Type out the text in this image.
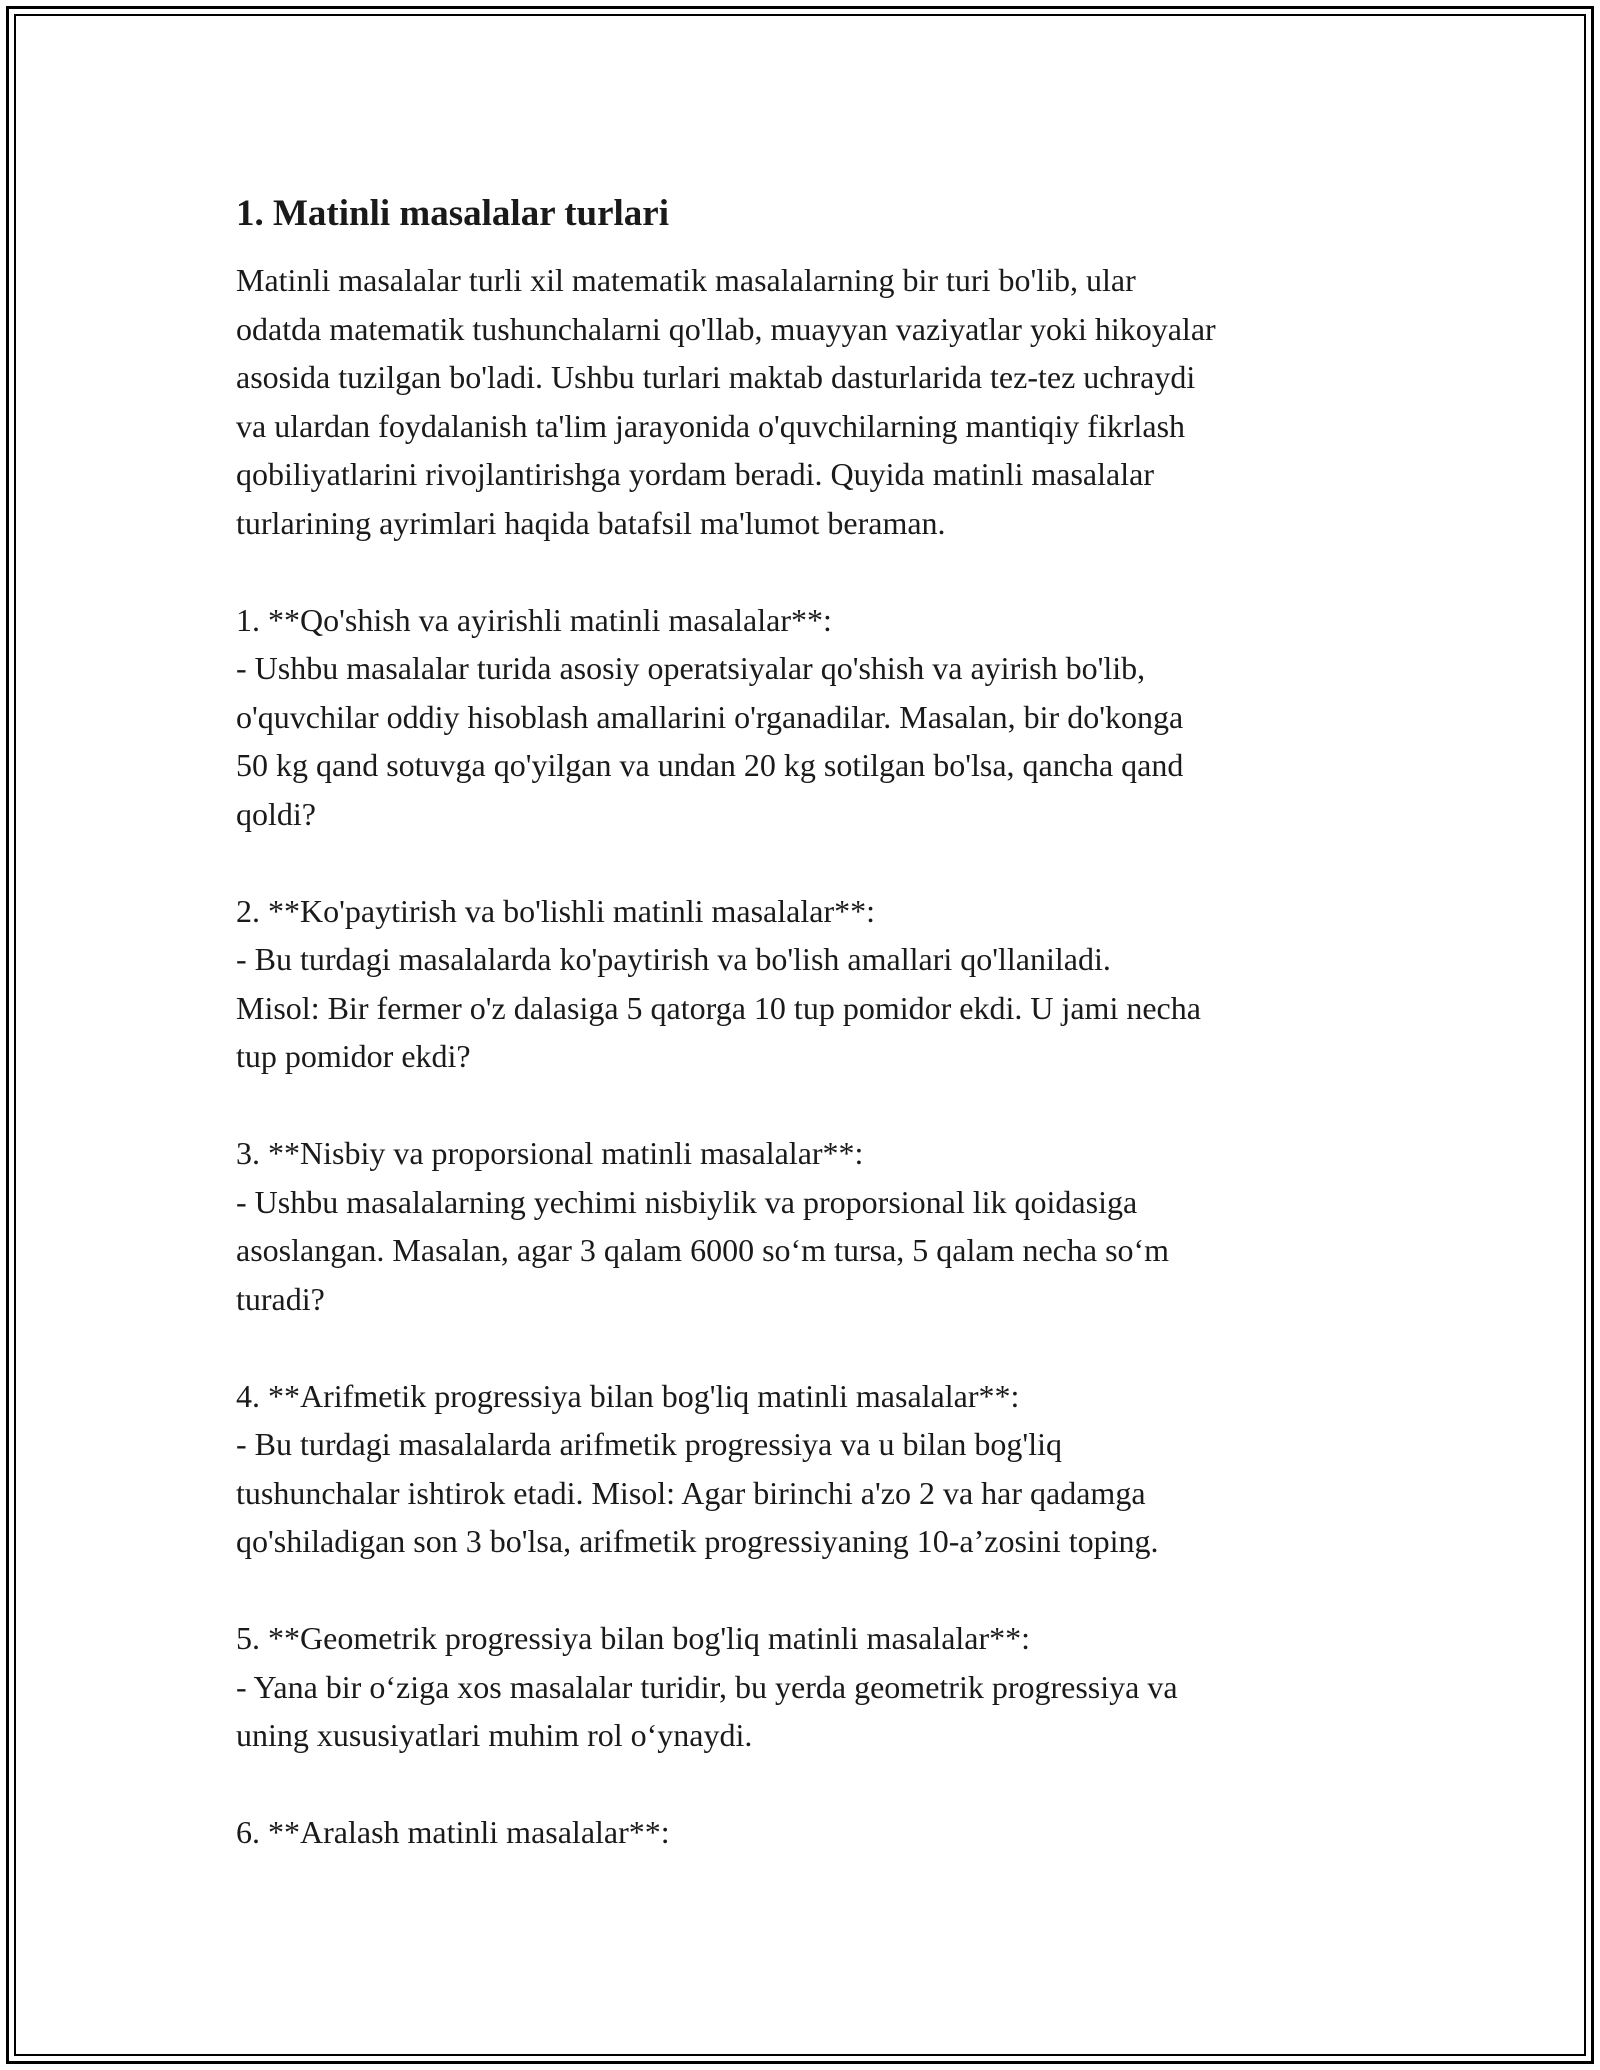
1. Matinli masalalar turlari

Matinli masalalar turli xil matematik masalalarning bir turi bo'lib, ular
odatda matematik tushunchalarni qo'llab, muayyan vaziyatlar yoki hikoyalar
asosida tuzilgan bo'ladi. Ushbu turlari maktab dasturlarida tez-tez uchraydi
va ulardan foydalanish ta'lim jarayonida o'quvchilarning mantiqiy fikrlash
qobiliyatlarini rivojlantirishga yordam beradi. Quyida matinli masalalar
turlarining ayrimlari haqida batafsil ma'lumot beraman.

1. **Qo'shish va ayirishli matinli masalalar**:

- Ushbu masalalar turida asosiy operatsiyalar qo'shish va ayirish bo'lib,
o'quvchilar oddiy hisoblash amallarini o'rganadilar. Masalan, bir do'konga
50 kg qand sotuvga qo'yilgan va undan 20 kg sotilgan bo'lsa, qancha qand
qoldi?

2. **Ko'paytirish va bo'lishli matinli masalalar**:

- Bu turdagi masalalarda ko'paytirish va bo'lish amallari qo'llaniladi.
Misol: Bir fermer o'z dalasiga 5 qatorga 10 tup pomidor ekdi. U jami necha
tup pomidor ekdi?

3. **Nisbiy va proporsional matinli masalalar**:

- Ushbu masalalarning yechimi nisbiylik va proporsional lik qoidasiga
asoslangan. Masalan, agar 3 qalam 6000 so‘m tursa, 5 qalam necha so‘m
turadi?

4. **Arifmetik progressiya bilan bog'liq matinli masalalar**:

- Bu turdagi masalalarda arifmetik progressiya va u bilan bog'liq
tushunchalar ishtirok etadi. Misol: Agar birinchi a'zo 2 va har qadamga
qo'shiladigan son 3 bo'lsa, arifmetik progressiyaning 10-a’zosini toping.

5. **Geometrik progressiya bilan bog'liq matinli masalalar**:

- Yana bir o‘ziga xos masalalar turidir, bu yerda geometrik progressiya va
uning xususiyatlari muhim rol o‘ynaydi.

6. **Aralash matinli masalalar**:
